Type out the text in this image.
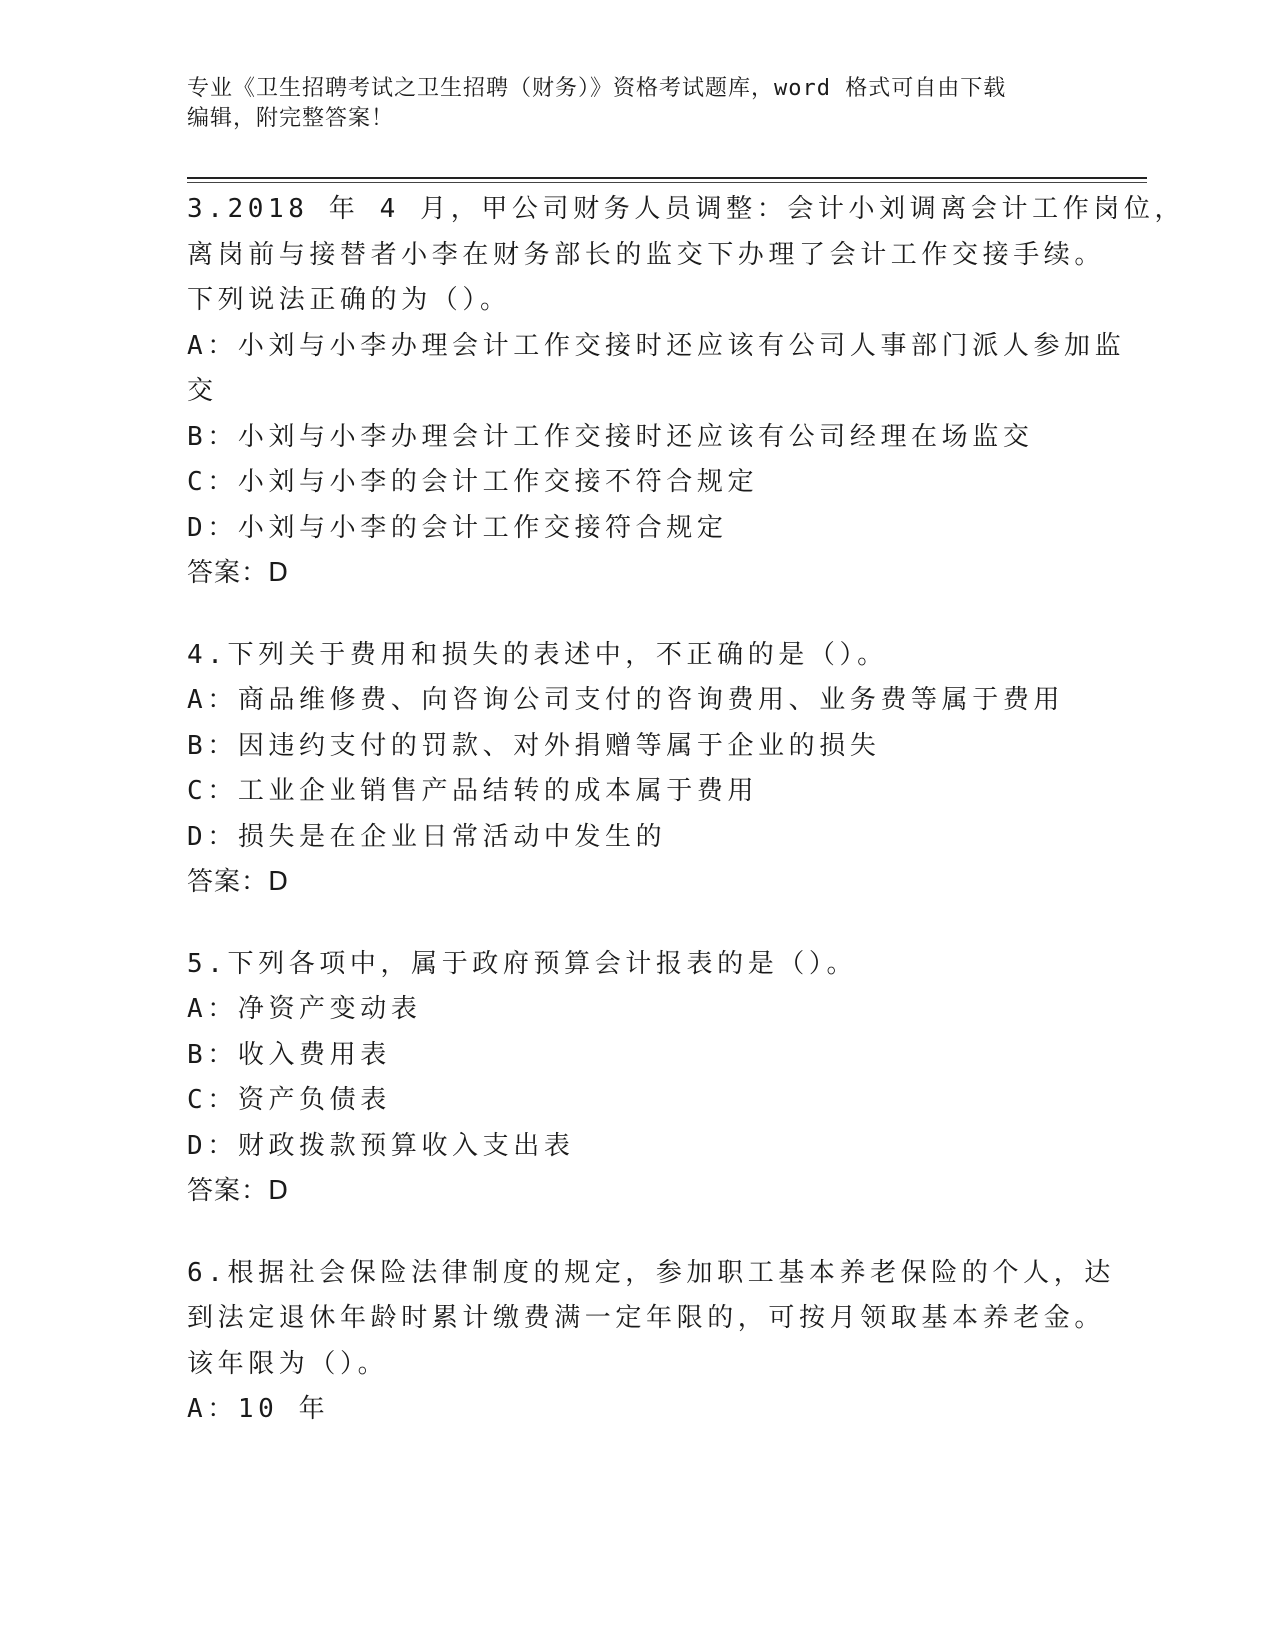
专业《卫生招聘考试之卫生招聘（财务）》资格考试题库，word 格式可自由下载
编辑，附完整答案！
3.2018 年 4 月，甲公司财务人员调整：会计小刘调离会计工作岗位，
离岗前与接替者小李在财务部长的监交下办理了会计工作交接手续。
下列说法正确的为（）。
A：小刘与小李办理会计工作交接时还应该有公司人事部门派人参加监
交
B：小刘与小李办理会计工作交接时还应该有公司经理在场监交
C：小刘与小李的会计工作交接不符合规定
D：小刘与小李的会计工作交接符合规定
答案：D
4.下列关于费用和损失的表述中，不正确的是（）。
A：商品维修费、向咨询公司支付的咨询费用、业务费等属于费用
B：因违约支付的罚款、对外捐赠等属于企业的损失
C：工业企业销售产品结转的成本属于费用
D：损失是在企业日常活动中发生的
答案：D
5.下列各项中，属于政府预算会计报表的是（）。
A：净资产变动表
B：收入费用表
C：资产负债表
D：财政拨款预算收入支出表
答案：D
6.根据社会保险法律制度的规定，参加职工基本养老保险的个人，达
到法定退休年龄时累计缴费满一定年限的，可按月领取基本养老金。
该年限为（）。
A：10 年
